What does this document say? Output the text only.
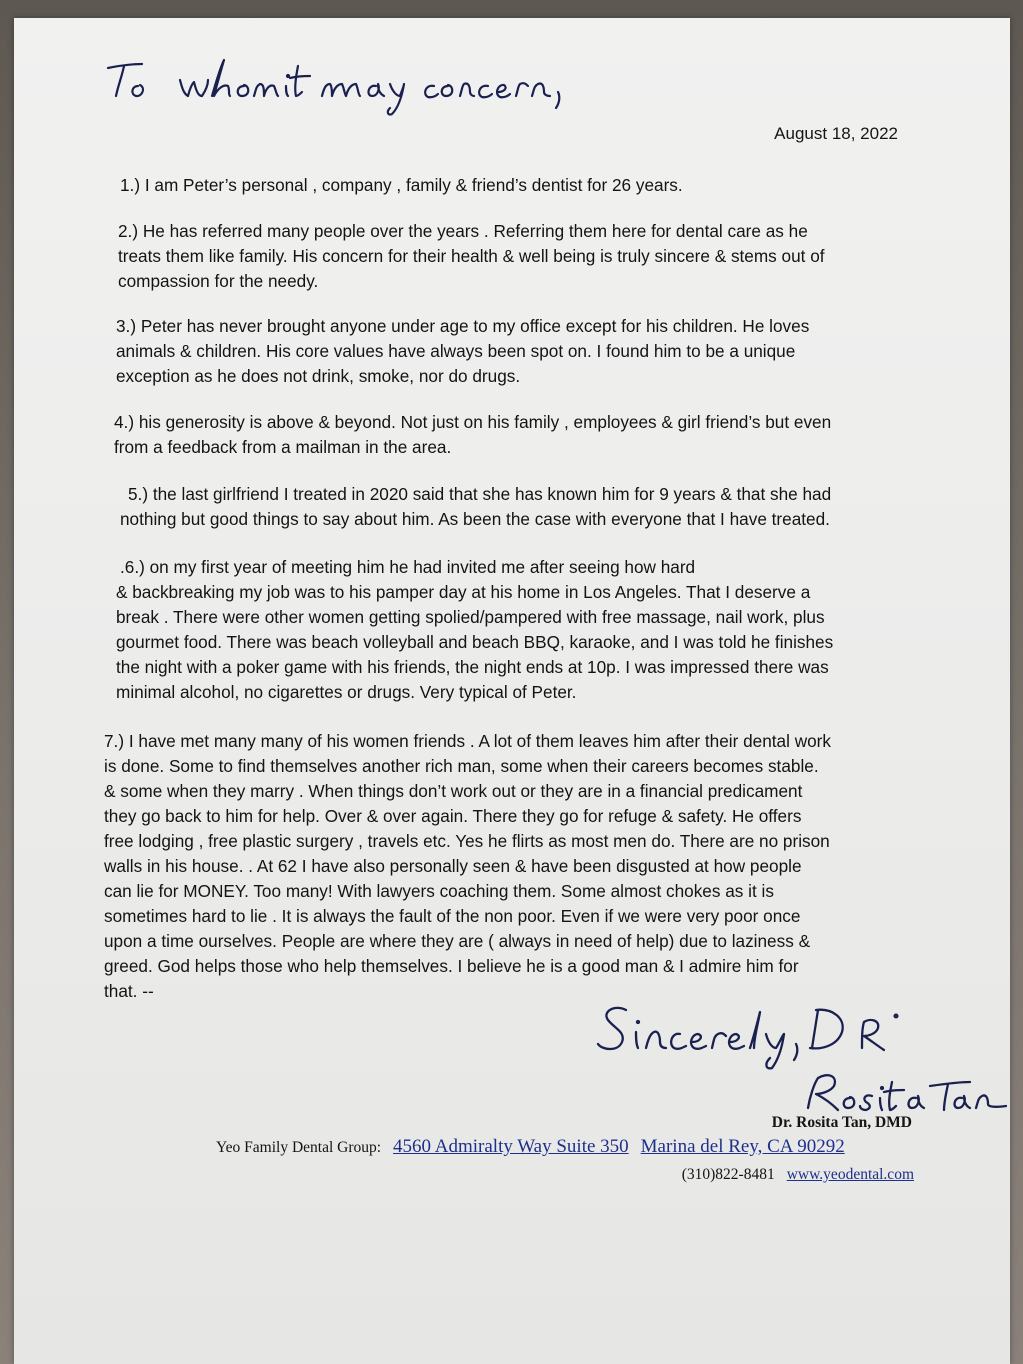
August 18, 2022

1.) I am Peter’s personal , company , family & friend’s dentist for 26 years.

2.) He has referred many people over the years . Referring them here for dental care as he
treats them like family. His concern for their health & well being is truly sincere & stems out of
compassion for the needy.

3.) Peter has never brought anyone under age to my office except for his children. He loves
animals & children. His core values have always been spot on. I found him to be a unique
exception as he does not drink, smoke, nor do drugs.

4.) his generosity is above & beyond. Not just on his family , employees & girl friend’s but even
from a feedback from a mailman in the area.

5.) the last girlfriend I treated in 2020 said that she has known him for 9 years & that she had
nothing but good things to say about him. As been the case with everyone that I have treated.

.6.) on my first year of meeting him he had invited me after seeing how hard
& backbreaking my job was to his pamper day at his home in Los Angeles. That I deserve a
break . There were other women getting spolied/pampered with free massage, nail work, plus
gourmet food. There was beach volleyball and beach BBQ, karaoke, and I was told he finishes
the night with a poker game with his friends, the night ends at 10p. I was impressed there was
minimal alcohol, no cigarettes or drugs. Very typical of Peter.

7.) I have met many many of his women friends . A lot of them leaves him after their dental work
is done. Some to find themselves another rich man, some when their careers becomes stable.
& some when they marry . When things don’t work out or they are in a financial predicament
they go back to him for help. Over & over again. There they go for refuge & safety. He offers
free lodging , free plastic surgery , travels etc. Yes he flirts as most men do. There are no prison
walls in his house. . At 62 I have also personally seen & have been disgusted at how people
can lie for MONEY. Too many! With lawyers coaching them. Some almost chokes as it is
sometimes hard to lie . It is always the fault of the non poor. Even if we were very poor once
upon a time ourselves. People are where they are ( always in need of help) due to laziness &
greed. God helps those who help themselves. I believe he is a good man & I admire him for
that. --

Dr. Rosita Tan, DMD
Yeo Family Dental Group: 4560 Admiralty Way Suite 350 Marina del Rey, CA 90292
(310)822-8481 www.yeodental.com
